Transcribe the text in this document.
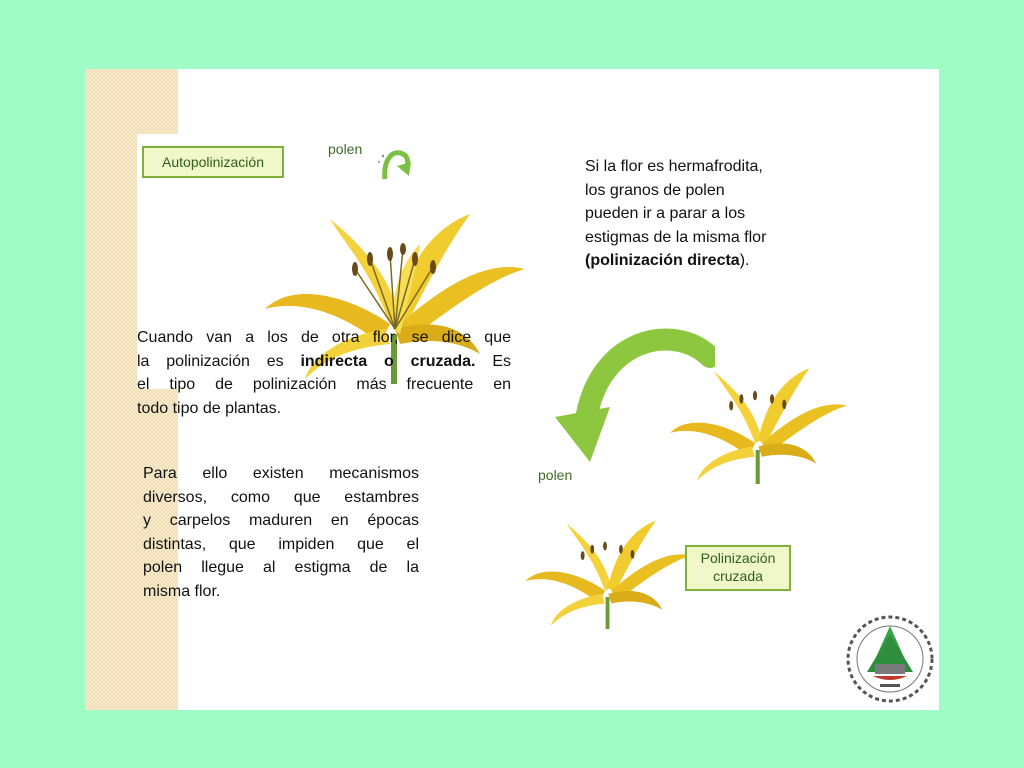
Autopolinización
Polinización
cruzada
polen
polen
Si la flor es hermafrodita,
los granos de polen
pueden ir a parar a los
estigmas de la misma flor
(polinización directa).
Cuando van a los de otra flor, se dice que
la polinización es indirecta o cruzada. Es
el tipo de polinización más frecuente en
todo tipo de plantas.
Para ello existen mecanismos
diversos, como que estambres
y carpelos maduren en épocas
distintas, que impiden que el
polen llegue al estigma de la
misma flor.
